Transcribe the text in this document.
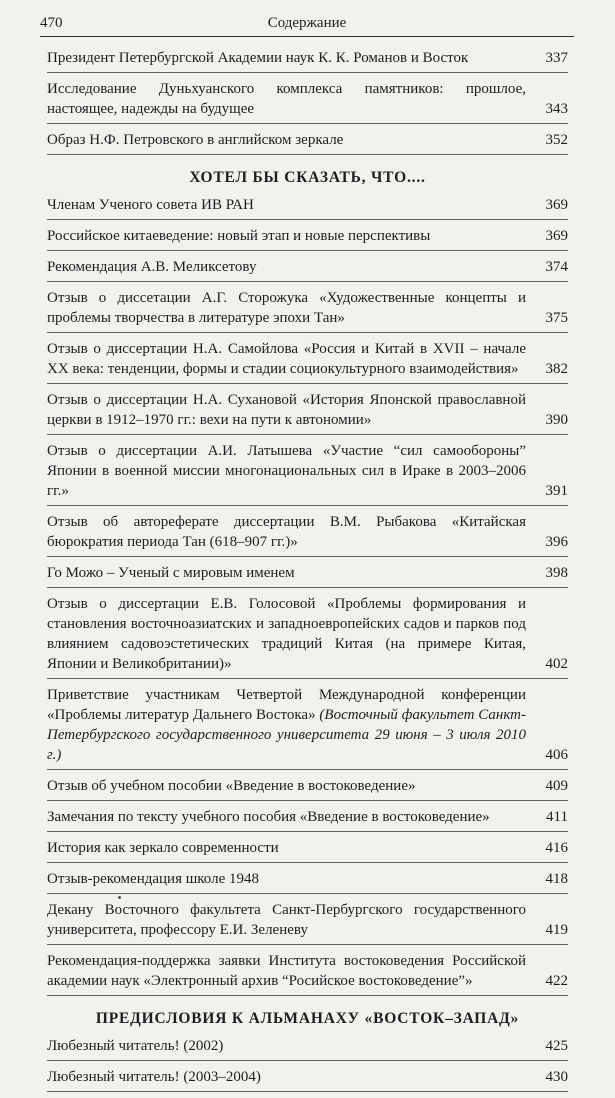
470	Содержание
Президент Петербургской Академии наук К. К. Романов и Восток	337
Исследование Дуньхуанского комплекса памятников: прошлое, настоящее, надежды на будущее	343
Образ Н.Ф. Петровского в английском зеркале	352
ХОТЕЛ БЫ СКАЗАТЬ, ЧТО....
Членам Ученого совета ИВ РАН	369
Российское китаеведение: новый этап и новые перспективы	369
Рекомендация А.В. Меликсетову	374
Отзыв о диссетации А.Г. Сторожука «Художественные концепты и проблемы творчества в литературе эпохи Тан»	375
Отзыв о диссертации Н.А. Самойлова «Россия и Китай в XVII – начале XX века: тенденции, формы и стадии социокультурного взаимодействия»	382
Отзыв о диссертации Н.А. Сухановой «История Японской православной церкви в 1912–1970 гг.: вехи на пути к автономии»	390
Отзыв о диссертации А.И. Латышева «Участие “сил самообороны” Японии в военной миссии многонациональных сил в Ираке в 2003–2006 гг.»	391
Отзыв об автореферате диссертации В.М. Рыбакова «Китайская бюрократия периода Тан (618–907 гг.)»	396
Го Можо – Ученый с мировым именем	398
Отзыв о диссертации Е.В. Голосовой «Проблемы формирования и становления восточноазиатских и западноевропейских садов и парков под влиянием садовоэстетических традиций Китая (на примере Китая, Японии и Великобритании)»	402
Приветствие участникам Четвертой Международной конференции «Проблемы литератур Дальнего Востока» (Восточный факультет Санкт-Петербургского государственного университета 29 июня – 3 июля 2010 г.)	406
Отзыв об учебном пособии «Введение в востоковедение»	409
Замечания по тексту учебного пособия «Введение в востоковедение»	411
История как зеркало современности	416
Отзыв-рекомендация школе 1948	418
Декану Восточного факультета Санкт-Пербургского государственного университета, профессору Е.И. Зеленеву	419
Рекомендация-поддержка заявки Института востоковедения Российской академии наук «Электронный архив “Росийское востоковедение”»	422
ПРЕДИСЛОВИЯ К АЛЬМАНАХУ «ВОСТОК–ЗАПАД»
Любезный читатель! (2002)	425
Любезный читатель! (2003–2004)	430
